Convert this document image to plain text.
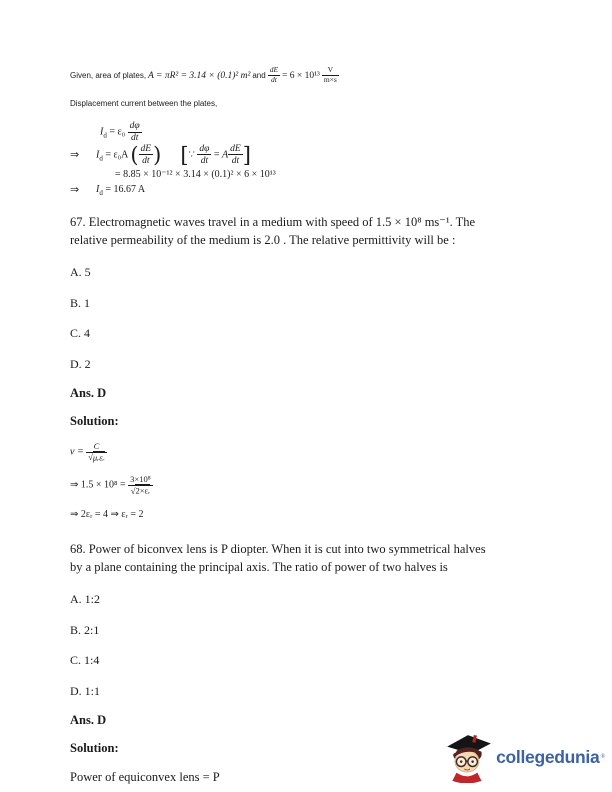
Given, area of plates, A = πR² = 3.14 × (0.1)² m² and $\frac{dE}{dt} = 6 \times 10^{13} \frac{V}{m\times s}$
Displacement current between the plates,
$I_d = \varepsilon_0 \frac{d\varphi}{dt}$
⇒ $I_d = \varepsilon_0A$ ( $\frac{dE}{dt}$ ) [∵ $\frac{d\varphi}{dt} = A \frac{dE}{dt}$ ]
= 8.85 × 10⁻¹² × 3.14 × (0.1)² × 6 × 10¹³
⇒ $I_d = 16.67$ A
67. Electromagnetic waves travel in a medium with speed of 1.5 × 10⁸ ms⁻¹. The
relative permeability of the medium is 2.0 . The relative permittivity will be :
A. 5
B. 1
C. 4
D. 2
Ans. D
Solution:
$v = \frac{C}{\text{√μᵣεᵣ}}$
⇒ $1.5 \times 10^8 = \frac{\text{3×10⁸}}{\text{√2×εᵣ}}$
⇒ 2εᵣ = 4 ⇒ εᵣ = 2
68. Power of biconvex lens is P diopter. When it is cut into two symmetrical halves
by a plane containing the principal axis. The ratio of power of two halves is
A. 1:2
B. 2:1
C. 1:4
D. 1:1
Ans. D
Solution:
Power of equiconvex lens = P
collegedunia ®
